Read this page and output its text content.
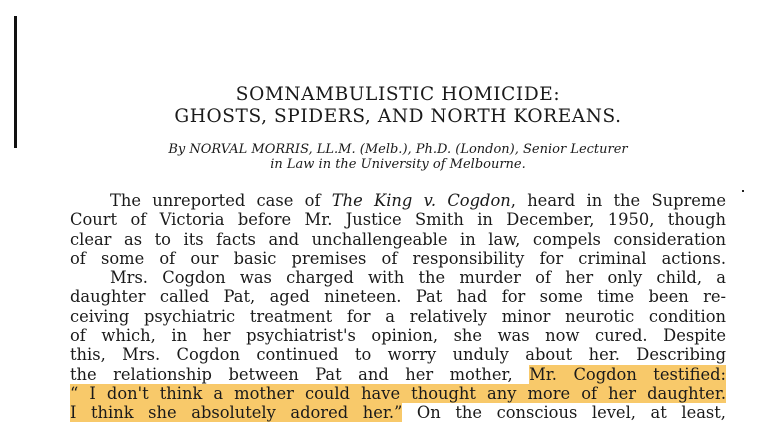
SOMNAMBULISTIC HOMICIDE:
GHOSTS, SPIDERS, AND NORTH KOREANS.
By NORVAL MORRIS, LL.M. (Melb.), Ph.D. (London), Senior Lecturer
in Law in the University of Melbourne.
The unreported case of The King v. Cogdon, heard in the Supreme
Court of Victoria before Mr. Justice Smith in December, 1950, though
clear as to its facts and unchallengeable in law, compels consideration
of some of our basic premises of responsibility for criminal actions.
Mrs. Cogdon was charged with the murder of her only child, a
daughter called Pat, aged nineteen. Pat had for some time been re-
ceiving psychiatric treatment for a relatively minor neurotic condition
of which, in her psychiatrist's opinion, she was now cured. Despite
this, Mrs. Cogdon continued to worry unduly about her. Describing
the relationship between Pat and her mother, Mr. Cogdon testified:
“ I don't think a mother could have thought any more of her daughter.
I think she absolutely adored her.” On the conscious level, at least,
